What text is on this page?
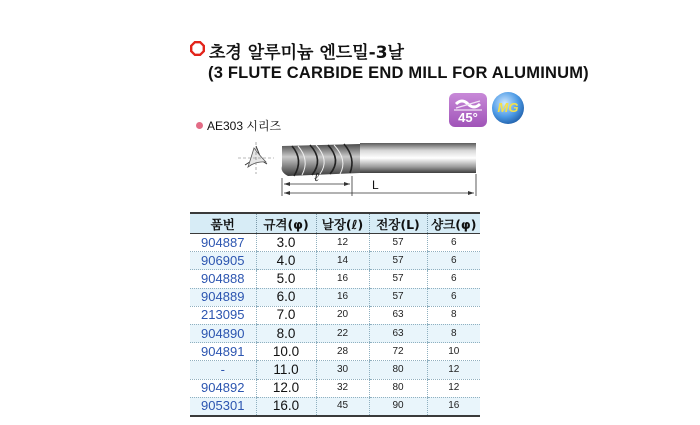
초경 알루미늄 엔드밀-3날
(3 FLUTE CARBIDE END MILL FOR ALUMINUM)
45°
MG
AE303 시리즈
ℓ
L
품번	규격(φ)	날장(ℓ)	전장(L)	샹크(φ)
904887	3.0	12	57	6
906905	4.0	14	57	6
904888	5.0	16	57	6
904889	6.0	16	57	6
213095	7.0	20	63	8
904890	8.0	22	63	8
904891	10.0	28	72	10
-	11.0	30	80	12
904892	12.0	32	80	12
905301	16.0	45	90	16
